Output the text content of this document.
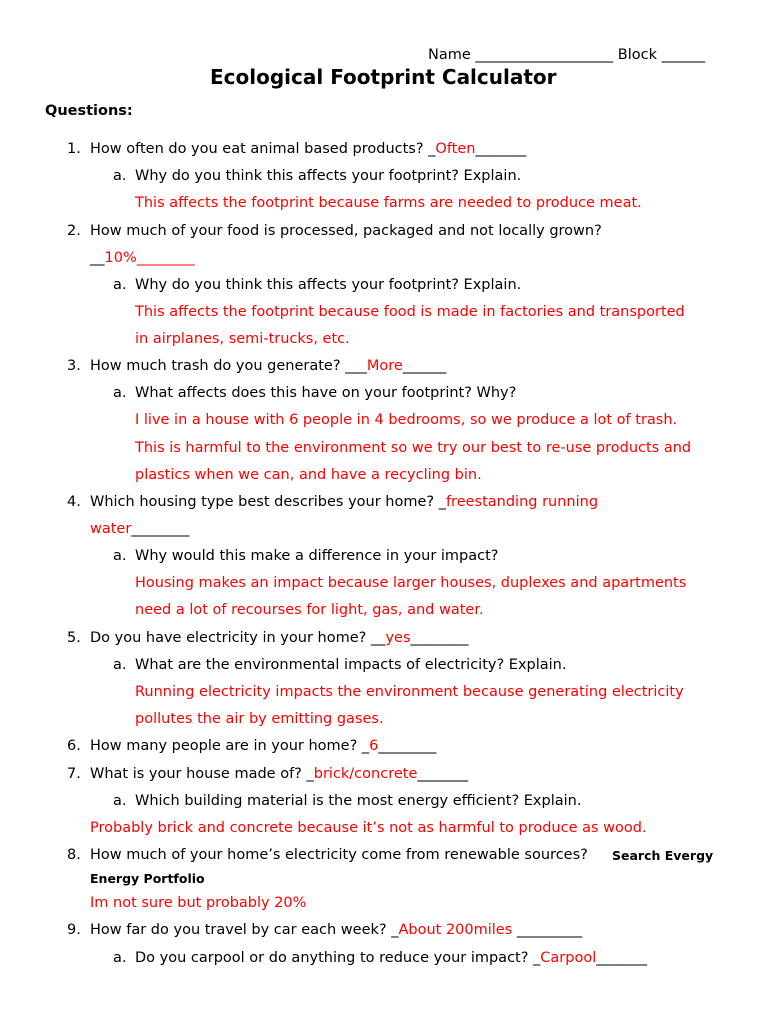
Name ___________________ Block ______
Ecological Footprint Calculator
Questions:
1. How often do you eat animal based products? _Often_______
a. Why do you think this affects your footprint? Explain.
This affects the footprint because farms are needed to produce meat.
2. How much of your food is processed, packaged and not locally grown?
__10%________
a. Why do you think this affects your footprint? Explain.
This affects the footprint because food is made in factories and transported
in airplanes, semi-trucks, etc.
3. How much trash do you generate? ___More______
a. What affects does this have on your footprint? Why?
I live in a house with 6 people in 4 bedrooms, so we produce a lot of trash.
This is harmful to the environment so we try our best to re-use products and
plastics when we can, and have a recycling bin.
4. Which housing type best describes your home? _freestanding running
water________
a. Why would this make a difference in your impact?
Housing makes an impact because larger houses, duplexes and apartments
need a lot of recourses for light, gas, and water.
5. Do you have electricity in your home? __yes________
a. What are the environmental impacts of electricity? Explain.
Running electricity impacts the environment because generating electricity
pollutes the air by emitting gases.
6. How many people are in your home? _6________
7. What is your house made of? _brick/concrete_______
a. Which building material is the most energy efficient? Explain.
Probably brick and concrete because it’s not as harmful to produce as wood.
8. How much of your home’s electricity come from renewable sources? Search Evergy
Energy Portfolio
Im not sure but probably 20%
9. How far do you travel by car each week? _About 200miles _________
a. Do you carpool or do anything to reduce your impact? _Carpool_______
